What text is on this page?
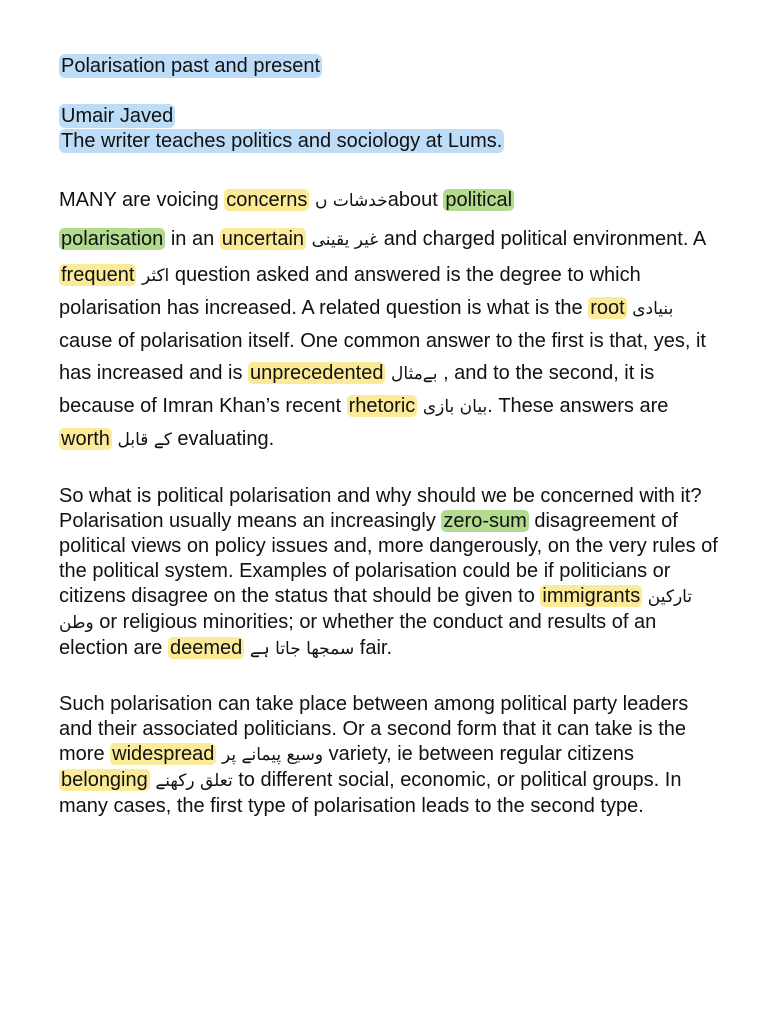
Polarisation past and present
Umair Javed
The writer teaches politics and sociology at Lums.

MANY are voicing concerns خدشات ںabout political polarisation in an uncertain غیر یقینی and charged political environment. A frequent اکثر question asked and answered is the degree to which polarisation has increased. A related question is what is the root بنیادی cause of polarisation itself. One common answer to the first is that, yes, it has increased and is unprecedented بےمثال , and to the second, it is because of Imran Khan’s recent rhetoric بیان بازی. These answers are worth کے قابل evaluating.

So what is political polarisation and why should we be concerned with it? Polarisation usually means an increasingly zero-sum disagreement of political views on policy issues and, more dangerously, on the very rules of the political system. Examples of polarisation could be if politicians or citizens disagree on the status that should be given to immigrants تارکین وطن or religious minorities; or whether the conduct and results of an election are deemed سمجھا جاتا ہے fair.

Such polarisation can take place between among political party leaders and their associated politicians. Or a second form that it can take is the more widespread وسیع پیمانے پر variety, ie between regular citizens belonging تعلق رکھنے to different social, economic, or political groups. In many cases, the first type of polarisation leads to the second type.
